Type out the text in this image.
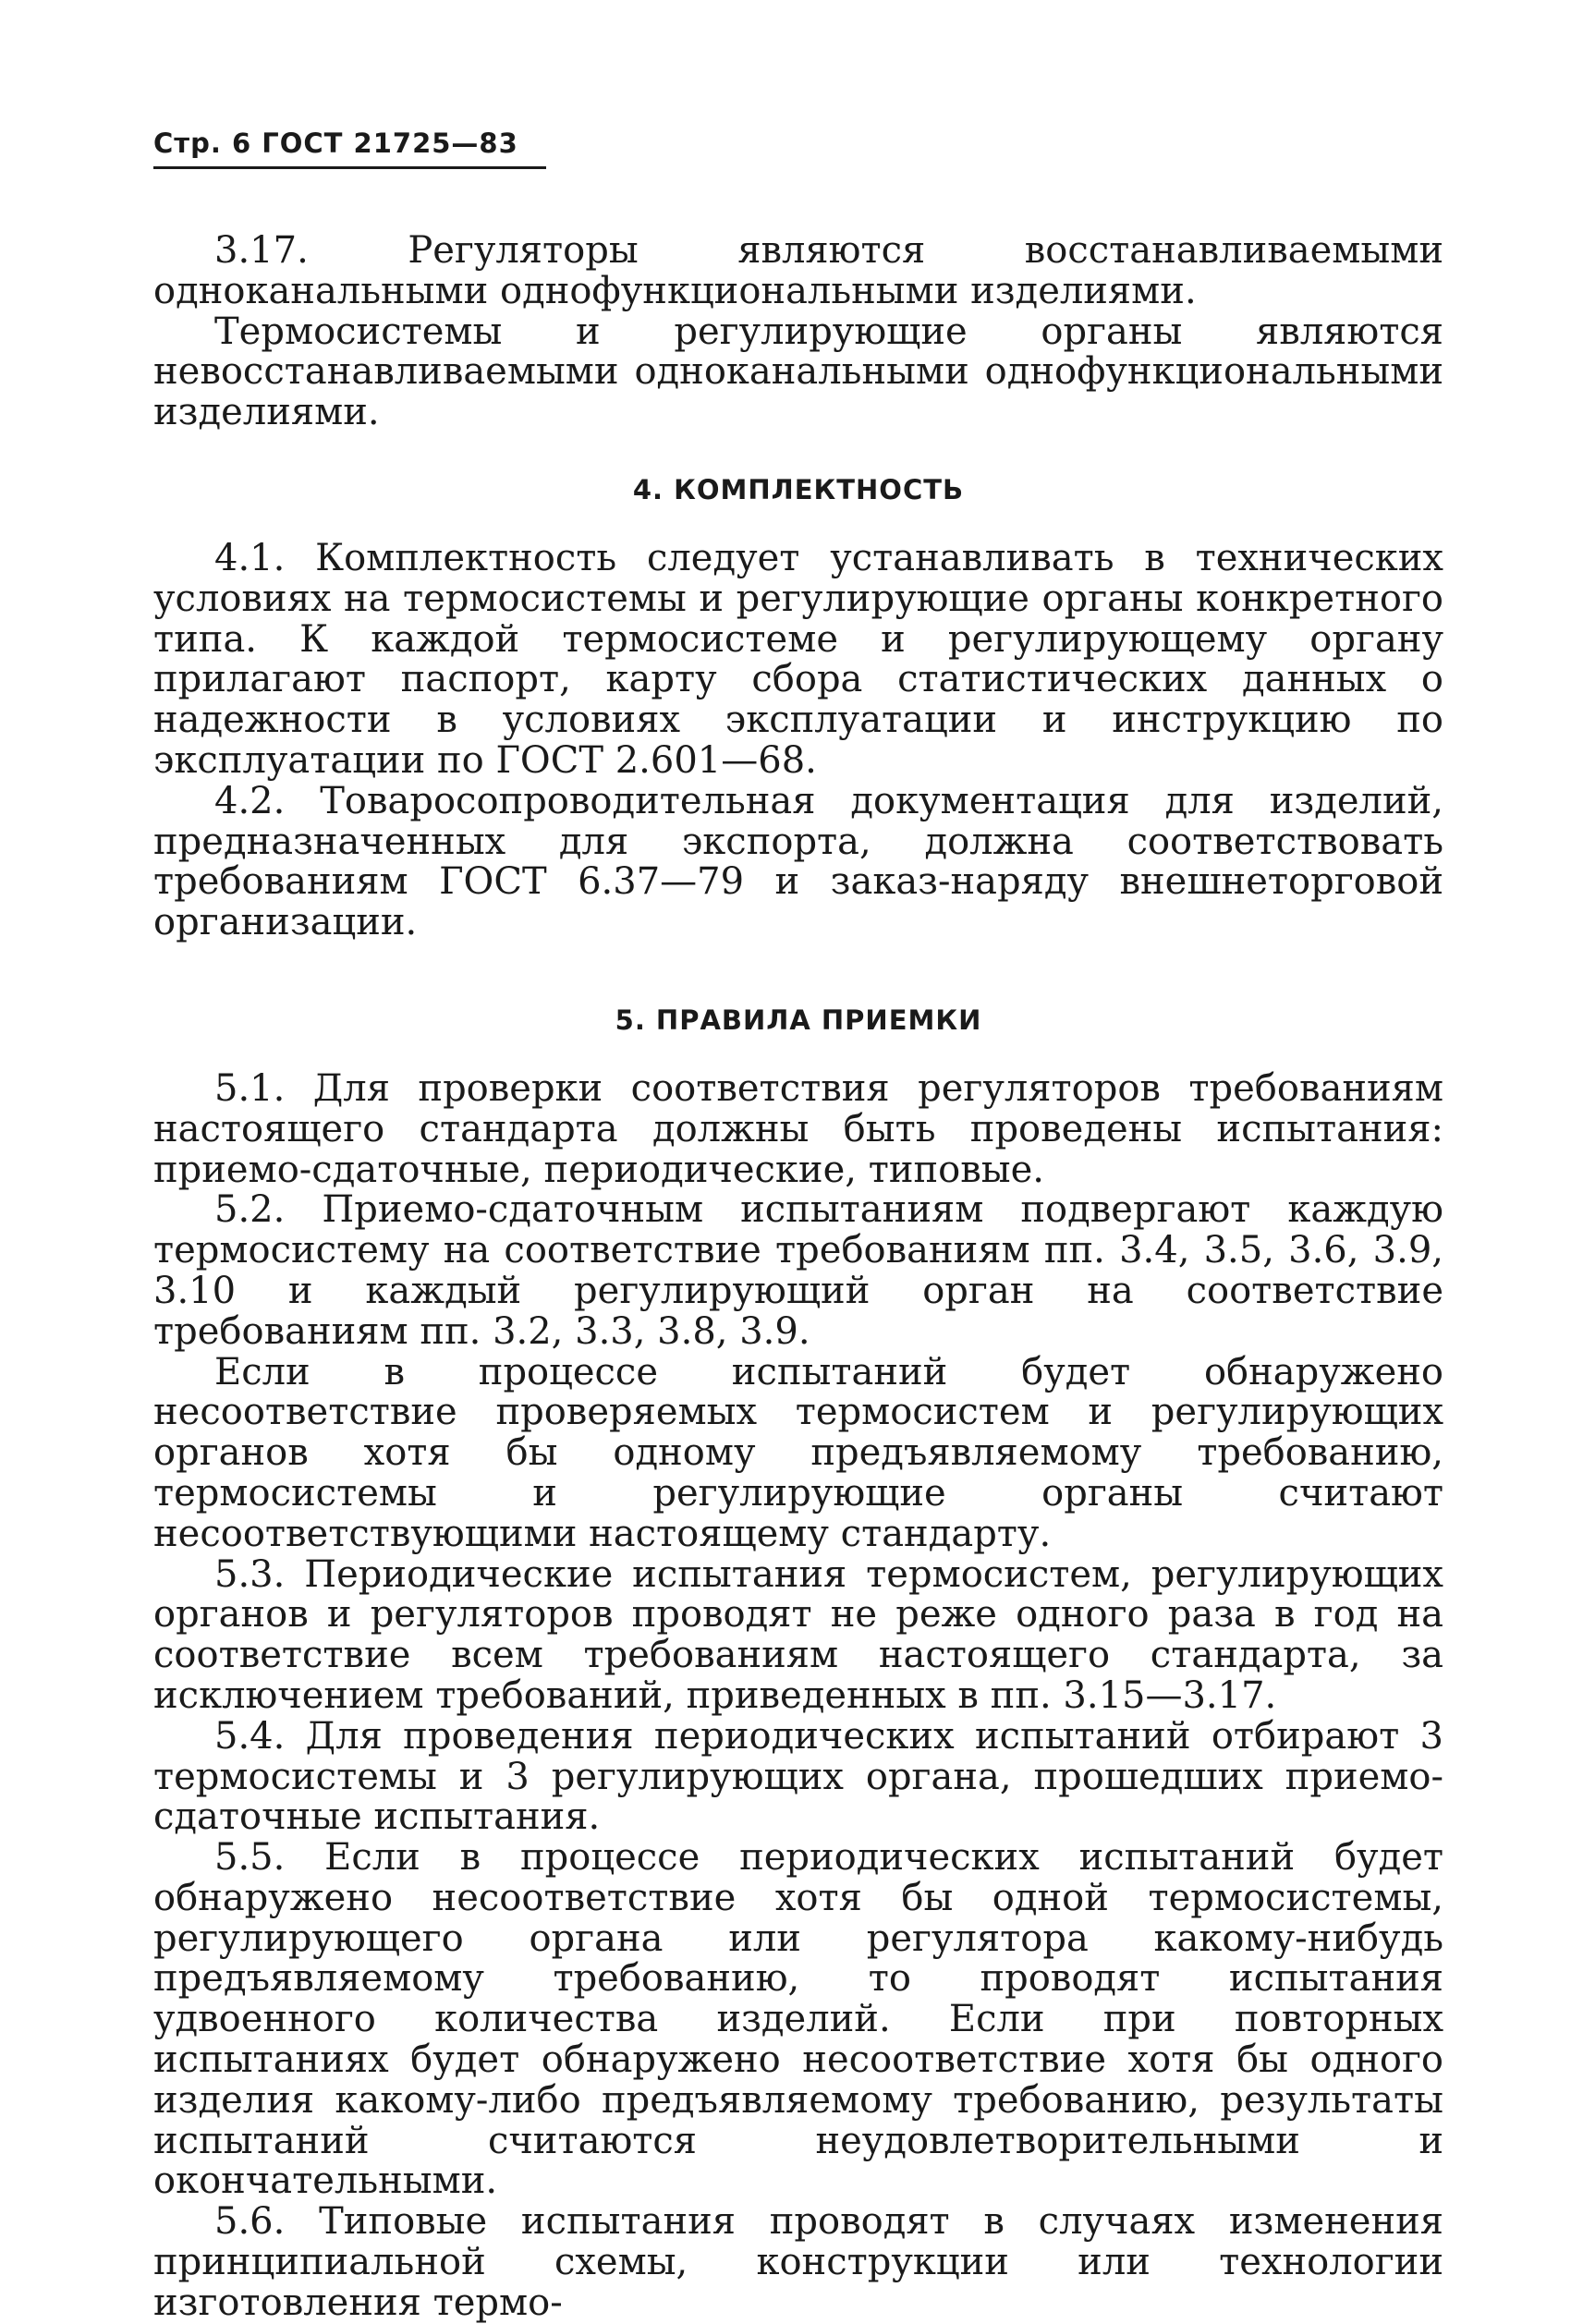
Стр. 6 ГОСТ 21725—83

3.17. Регуляторы являются восстанавливаемыми одноканальными однофункциональными изделиями.

Термосистемы и регулирующие органы являются невосстанавливаемыми одноканальными однофункциональными изделиями.

4. КОМПЛЕКТНОСТЬ

4.1. Комплектность следует устанавливать в технических условиях на термосистемы и регулирующие органы конкретного типа. К каждой термосистеме и регулирующему органу прилагают паспорт, карту сбора статистических данных о надежности в условиях эксплуатации и инструкцию по эксплуатации по ГОСТ 2.601—68.

4.2. Товаросопроводительная документация для изделий, предназначенных для экспорта, должна соответствовать требованиям ГОСТ 6.37—79 и заказ-наряду внешнеторговой организации.

5. ПРАВИЛА ПРИЕМКИ

5.1. Для проверки соответствия регуляторов требованиям настоящего стандарта должны быть проведены испытания: приемо-сдаточные, периодические, типовые.

5.2. Приемо-сдаточным испытаниям подвергают каждую термосистему на соответствие требованиям пп. 3.4, 3.5, 3.6, 3.9, 3.10 и каждый регулирующий орган на соответствие требованиям пп. 3.2, 3.3, 3.8, 3.9.

Если в процессе испытаний будет обнаружено несоответствие проверяемых термосистем и регулирующих органов хотя бы одному предъявляемому требованию, термосистемы и регулирующие органы считают несоответствующими настоящему стандарту.

5.3. Периодические испытания термосистем, регулирующих органов и регуляторов проводят не реже одного раза в год на соответствие всем требованиям настоящего стандарта, за исключением требований, приведенных в пп. 3.15—3.17.

5.4. Для проведения периодических испытаний отбирают 3 термосистемы и 3 регулирующих органа, прошедших приемо-сдаточные испытания.

5.5. Если в процессе периодических испытаний будет обнаружено несоответствие хотя бы одной термосистемы, регулирующего органа или регулятора какому-нибудь предъявляемому требованию, то проводят испытания удвоенного количества изделий. Если при повторных испытаниях будет обнаружено несоответствие хотя бы одного изделия какому-либо предъявляемому требованию, результаты испытаний считаются неудовлетворительными и окончательными.

5.6. Типовые испытания проводят в случаях изменения принципиальной схемы, конструкции или технологии изготовления термо-
